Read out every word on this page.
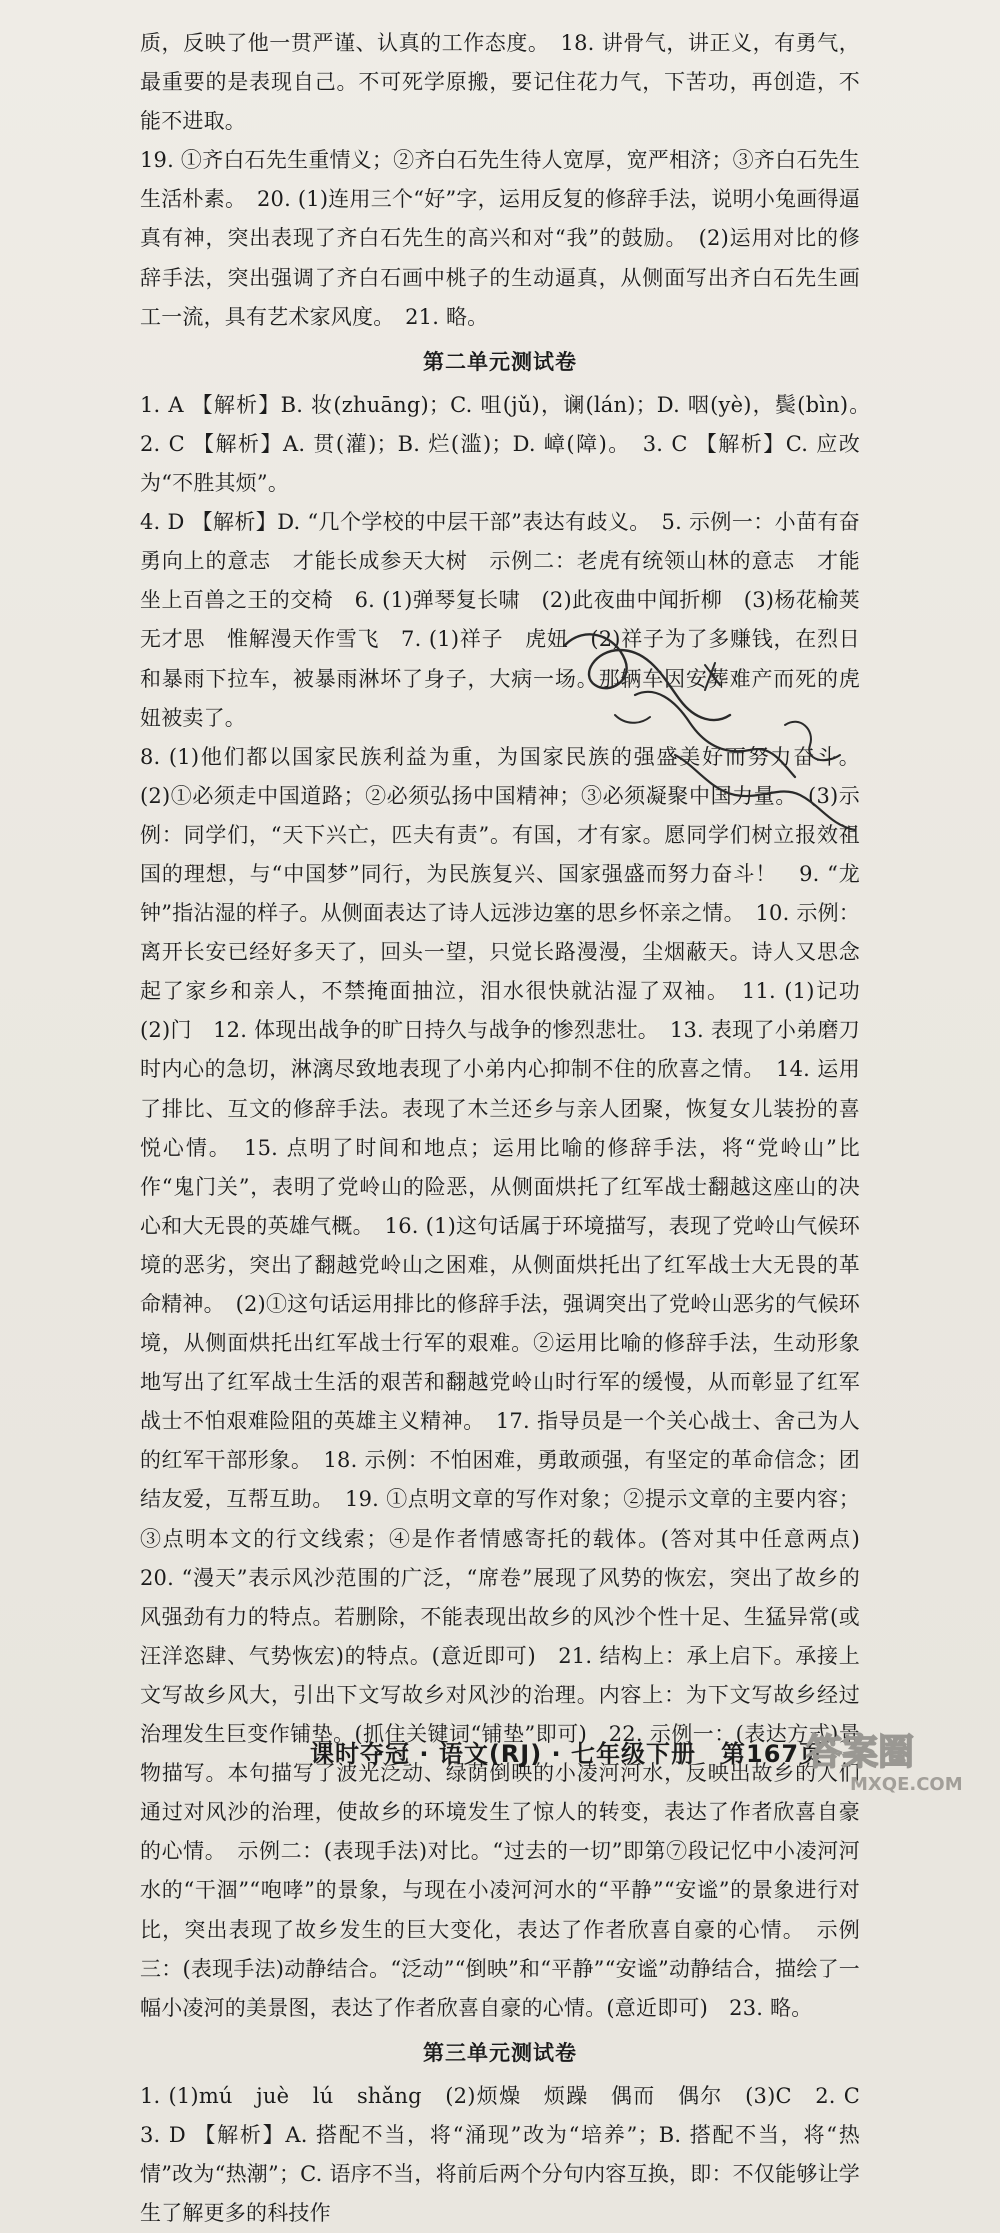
质，反映了他一贯严谨、认真的工作态度。　18. 讲骨气，讲正义，有勇气，最重要的是表现自己。不可死学原搬，要记住花力气，下苦功，再创造，不能不进取。

19. ①齐白石先生重情义；②齐白石先生待人宽厚，宽严相济；③齐白石先生生活朴素。　20. (1)连用三个“好”字，运用反复的修辞手法，说明小兔画得逼真有神，突出表现了齐白石先生的高兴和对“我”的鼓励。　(2)运用对比的修辞手法，突出强调了齐白石画中桃子的生动逼真，从侧面写出齐白石先生画工一流，具有艺术家风度。　21. 略。

第二单元测试卷

1. A 【解析】B. 妆(zhuāng)；C. 咀(jǔ)，谰(lán)；D. 咽(yè)，鬓(bìn)。　2. C 【解析】A. 贯(灌)；B. 烂(滥)；D. 嶂(障)。　3. C 【解析】C. 应改为“不胜其烦”。

4. D 【解析】D. “几个学校的中层干部”表达有歧义。　5. 示例一：小苗有奋勇向上的意志　才能长成参天大树　示例二：老虎有统领山林的意志　才能坐上百兽之王的交椅　6. (1)弹琴复长啸　(2)此夜曲中闻折柳　(3)杨花榆荚无才思　惟解漫天作雪飞　7. (1)祥子　虎妞　(2)祥子为了多赚钱，在烈日和暴雨下拉车，被暴雨淋坏了身子，大病一场。那辆车因安葬难产而死的虎妞被卖了。

8. (1)他们都以国家民族利益为重，为国家民族的强盛美好而努力奋斗。(2)①必须走中国道路；②必须弘扬中国精神；③必须凝聚中国力量。　(3)示例：同学们，“天下兴亡，匹夫有责”。有国，才有家。愿同学们树立报效祖国的理想，与“中国梦”同行，为民族复兴、国家强盛而努力奋斗！　9. “龙钟”指沾湿的样子。从侧面表达了诗人远涉边塞的思乡怀亲之情。　10. 示例：离开长安已经好多天了，回头一望，只觉长路漫漫，尘烟蔽天。诗人又思念起了家乡和亲人，不禁掩面抽泣，泪水很快就沾湿了双袖。　11. (1)记功　(2)门　12. 体现出战争的旷日持久与战争的惨烈悲壮。　13. 表现了小弟磨刀时内心的急切，淋漓尽致地表现了小弟内心抑制不住的欣喜之情。　14. 运用了排比、互文的修辞手法。表现了木兰还乡与亲人团聚，恢复女儿装扮的喜悦心情。　15. 点明了时间和地点；运用比喻的修辞手法，将“党岭山”比作“鬼门关”，表明了党岭山的险恶，从侧面烘托了红军战士翻越这座山的决心和大无畏的英雄气概。　16. (1)这句话属于环境描写，表现了党岭山气候环境的恶劣，突出了翻越党岭山之困难，从侧面烘托出了红军战士大无畏的革命精神。　(2)①这句话运用排比的修辞手法，强调突出了党岭山恶劣的气候环境，从侧面烘托出红军战士行军的艰难。②运用比喻的修辞手法，生动形象地写出了红军战士生活的艰苦和翻越党岭山时行军的缓慢，从而彰显了红军战士不怕艰难险阻的英雄主义精神。　17. 指导员是一个关心战士、舍己为人的红军干部形象。　18. 示例：不怕困难，勇敢顽强，有坚定的革命信念；团结友爱，互帮互助。　19. ①点明文章的写作对象；②提示文章的主要内容；③点明本文的行文线索；④是作者情感寄托的载体。(答对其中任意两点)　20. “漫天”表示风沙范围的广泛，“席卷”展现了风势的恢宏，突出了故乡的风强劲有力的特点。若删除，不能表现出故乡的风沙个性十足、生猛异常(或汪洋恣肆、气势恢宏)的特点。(意近即可)　21. 结构上：承上启下。承接上文写故乡风大，引出下文写故乡对风沙的治理。内容上：为下文写故乡经过治理发生巨变作铺垫。(抓住关键词“铺垫”即可)　22. 示例一：(表达方式)景物描写。本句描写了波光泛动、绿荫倒映的小凌河河水，反映出故乡的人们通过对风沙的治理，使故乡的环境发生了惊人的转变，表达了作者欣喜自豪的心情。　示例二：(表现手法)对比。“过去的一切”即第⑦段记忆中小凌河河水的“干涸”“咆哮”的景象，与现在小凌河河水的“平静”“安谧”的景象进行对比，突出表现了故乡发生的巨大变化，表达了作者欣喜自豪的心情。　示例三：(表现手法)动静结合。“泛动”“倒映”和“平静”“安谧”动静结合，描绘了一幅小凌河的美景图，表达了作者欣喜自豪的心情。(意近即可)　23. 略。

第三单元测试卷

1. (1)mú　juè　lú　shǎng　(2)烦燥　烦躁　偶而　偶尔　(3)C　2. C　3. D 【解析】A. 搭配不当，将“涌现”改为“培养”；B. 搭配不当，将“热情”改为“热潮”；C. 语序不当，将前后两个分句内容互换，即：不仅能够让学生了解更多的科技作

课时夺冠 · 语文(RJ) · 七年级下册　第167页
答案圈
MXQE.COM
